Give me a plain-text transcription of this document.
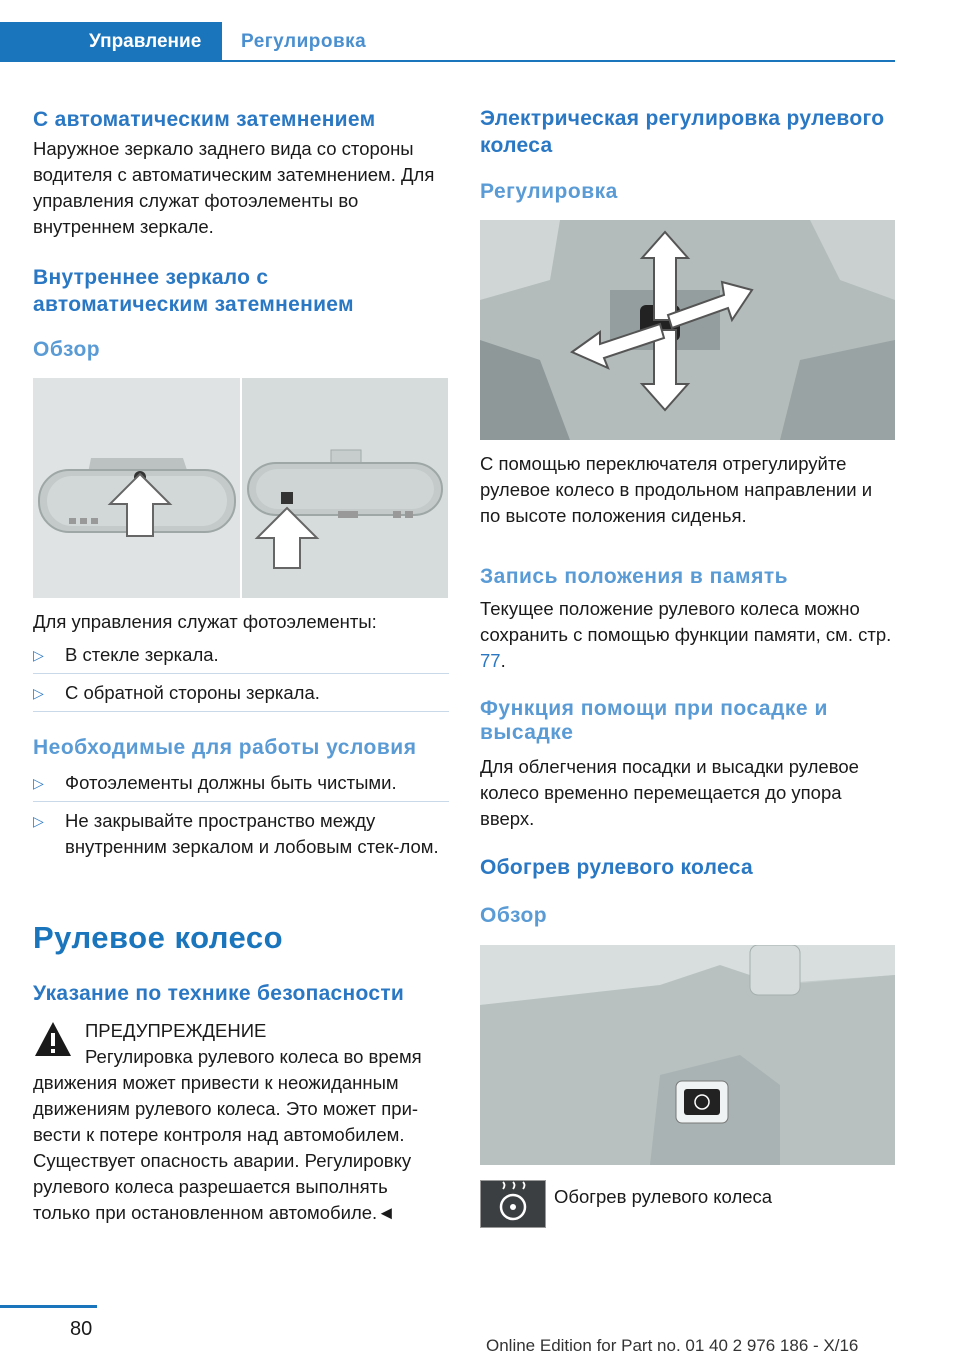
Управление	Регулировка
С автоматическим затемнением

Наружное зеркало заднего вида со стороны водителя с автоматическим затемнением. Для управления служат фотоэлементы во внутреннем зеркале.

Внутреннее зеркало с автоматическим затемнением
Обзор

Для управления служат фотоэлементы:

▷ В стекле зеркала.
▷ С обратной стороны зеркала.
Необходимые для работы условия
▷ Фотоэлементы должны быть чистыми.
▷ Не закрывайте пространство между внутренним зеркалом и лобовым стек-лом.
Рулевое колесо
Указание по технике безопасности

ПРЕДУПРЕЖДЕНИЕ

Регулировка рулевого колеса во время движения может привести к неожиданным движениям рулевого колеса. Это может при-вести к потере контроля над автомобилем. Существует опасность аварии. Регулировку рулевого колеса разрешается выполнять только при остановленном автомобиле.◄

Электрическая регулировка рулевого колеса
Регулировка

С помощью переключателя отрегулируйте рулевое колесо в продольном направлении и по высоте положения сиденья.

Запись положения в память

Текущее положение рулевого колеса можно сохранить с помощью функции памяти, см. стр. 77.

Функция помощи при посадке и высадке

Для облегчения посадки и высадки рулевое колесо временно перемещается до упора вверх.

Обогрев рулевого колеса
Обзор

Обогрев рулевого колеса

80
Online Edition for Part no. 01 40 2 976 186 - X/16
